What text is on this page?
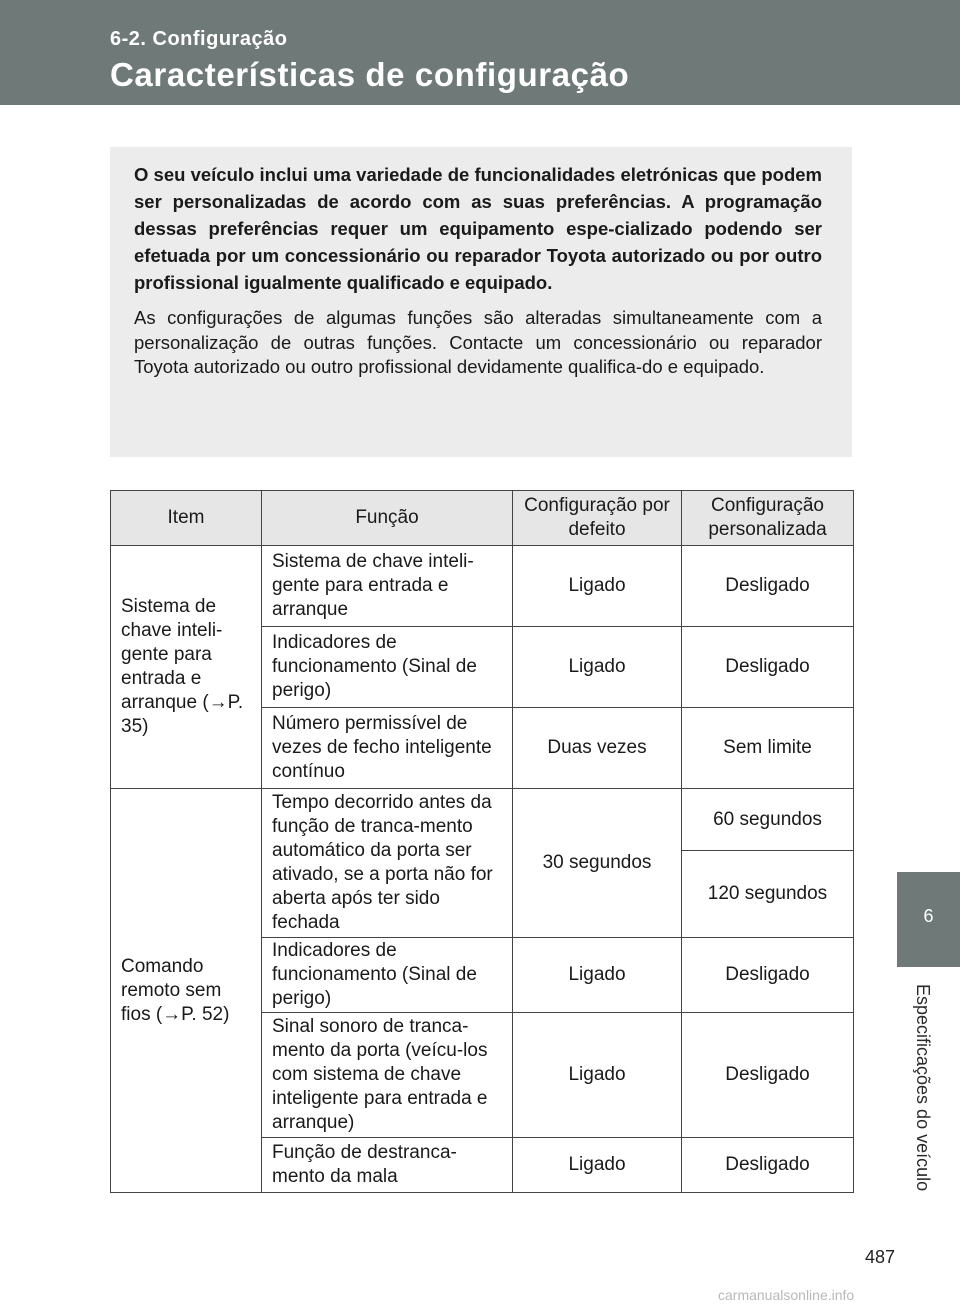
6-2. Configuração
Características de configuração

O seu veículo inclui uma variedade de funcionalidades eletrónicas que podem ser personalizadas de acordo com as suas preferências. A programação dessas preferências requer um equipamento espe-cializado podendo ser efetuada por um concessionário ou reparador Toyota autorizado ou por outro profissional igualmente qualificado e equipado.

As configurações de algumas funções são alteradas simultaneamente com a personalização de outras funções. Contacte um concessionário ou reparador Toyota autorizado ou outro profissional devidamente qualifica-do e equipado.

Item	Função	Configuração por defeito	Configuração personalizada
Sistema de chave inteli-gente para entrada e arranque (→P. 35)	Sistema de chave inteli-gente para entrada e arranque	Ligado	Desligado
	Indicadores de funcionamento (Sinal de perigo)	Ligado	Desligado
	Número permissível de vezes de fecho inteligente contínuo	Duas vezes	Sem limite
Comando remoto sem fios (→P. 52)	Tempo decorrido antes da função de tranca-mento automático da porta ser ativado, se a porta não for aberta após ter sido fechada	30 segundos	60 segundos
			120 segundos
	Indicadores de funcionamento (Sinal de perigo)	Ligado	Desligado
	Sinal sonoro de tranca-mento da porta (veícu-los com sistema de chave inteligente para entrada e arranque)	Ligado	Desligado
	Função de destranca-mento da mala	Ligado	Desligado
6
Especificações do veículo
487
carmanualsonline.info
